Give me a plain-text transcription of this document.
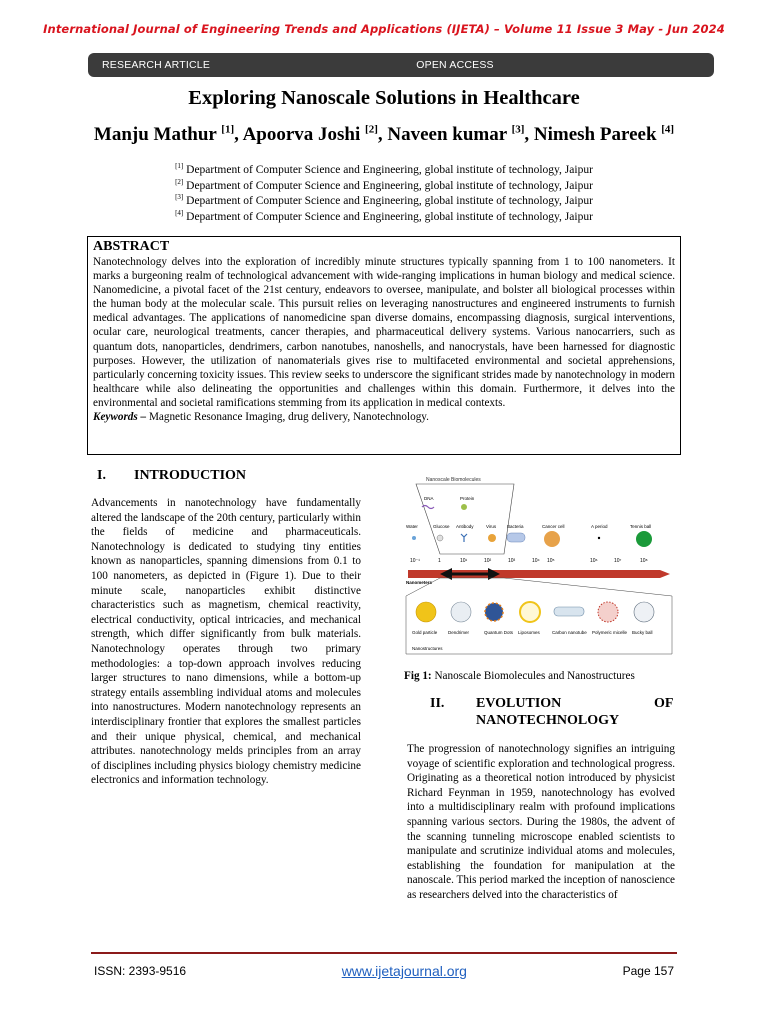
International Journal of Engineering Trends and Applications (IJETA) – Volume 11 Issue 3 May - Jun 2024
RESEARCH ARTICLE	OPEN ACCESS
Exploring Nanoscale Solutions in Healthcare
Manju Mathur [1], Apoorva Joshi [2], Naveen kumar [3], Nimesh Pareek [4]
[1] Department of Computer Science and Engineering, global institute of technology, Jaipur
[2] Department of Computer Science and Engineering, global institute of technology, Jaipur
[3] Department of Computer Science and Engineering, global institute of technology, Jaipur
[4] Department of Computer Science and Engineering, global institute of technology, Jaipur
ABSTRACT
Nanotechnology delves into the exploration of incredibly minute structures typically spanning from 1 to 100 nanometers. It marks a burgeoning realm of technological advancement with wide-ranging implications in human biology and medical science. Nanomedicine, a pivotal facet of the 21st century, endeavors to oversee, manipulate, and bolster all biological processes within the human body at the molecular scale. This pursuit relies on leveraging nanostructures and engineered instruments to furnish medical advantages. The applications of nanomedicine span diverse domains, encompassing diagnosis, surgical interventions, ocular care, neurological treatments, cancer therapies, and pharmaceutical delivery systems. Various nanocarriers, such as quantum dots, nanoparticles, dendrimers, carbon nanotubes, nanoshells, and nanocrystals, have been harnessed for diagnostic purposes. However, the utilization of nanomaterials gives rise to multifaceted environmental and societal apprehensions, particularly concerning toxicity issues. This review seeks to underscore the significant strides made by nanotechnology in modern healthcare while also delineating the opportunities and challenges within this domain. Furthermore, it delves into the environmental and societal ramifications stemming from its application in medical contexts.
Keywords – Magnetic Resonance Imaging, drug delivery, Nanotechnology.
I. INTRODUCTION
Advancements in nanotechnology have fundamentally altered the landscape of the 20th century, particularly within the fields of medicine and pharmaceuticals. Nanotechnology is dedicated to studying tiny entities known as nanoparticles, spanning dimensions from 0.1 to 100 nanometers, as depicted in (Figure 1). Due to their minute scale, nanoparticles exhibit distinctive characteristics such as magnetism, chemical reactivity, electrical conductivity, optical intricacies, and mechanical strength, which differ significantly from bulk materials. Nanotechnology operates through two primary methodologies: a top-down approach involves reducing larger structures to nano dimensions, while a bottom-up strategy entails assembling individual atoms and molecules into nanostructures. Modern nanotechnology represents an interdisciplinary frontier that explores the smallest particles and their unique physical, chemical, and mechanical attributes. nanotechnology melds principles from an array of disciplines including physics biology chemistry medicine electronics and information technology.
Nanoscale Biomolecules
DNA	Protein
Water	Glucose Antibody	Virus Bacteria	Cancer cell	A period	Tennis ball
10⁻¹	1	10¹	10²	10³	10⁴ 10⁵	10⁶	10⁷	10⁸
Nanometers
Gold particle Dendrimer	Quantum Dots Liposomes	Carbon nanotube Polymeric micelle Bucky ball
Nanostructures
Fig 1: Nanoscale Biomolecules and Nanostructures
II. EVOLUTION	OF
NANOTECHNOLOGY
The progression of nanotechnology signifies an intriguing voyage of scientific exploration and technological progress. Originating as a theoretical notion introduced by physicist Richard Feynman in 1959, nanotechnology has evolved into a multidisciplinary realm with profound implications spanning various sectors. During the 1980s, the advent of the scanning tunneling microscope enabled scientists to manipulate and scrutinize individual atoms and molecules, establishing the foundation for manipulation at the nanoscale. This period marked the inception of nanoscience as researchers delved into the characteristics of
ISSN: 2393-9516	www.ijetajournal.org	Page 157
